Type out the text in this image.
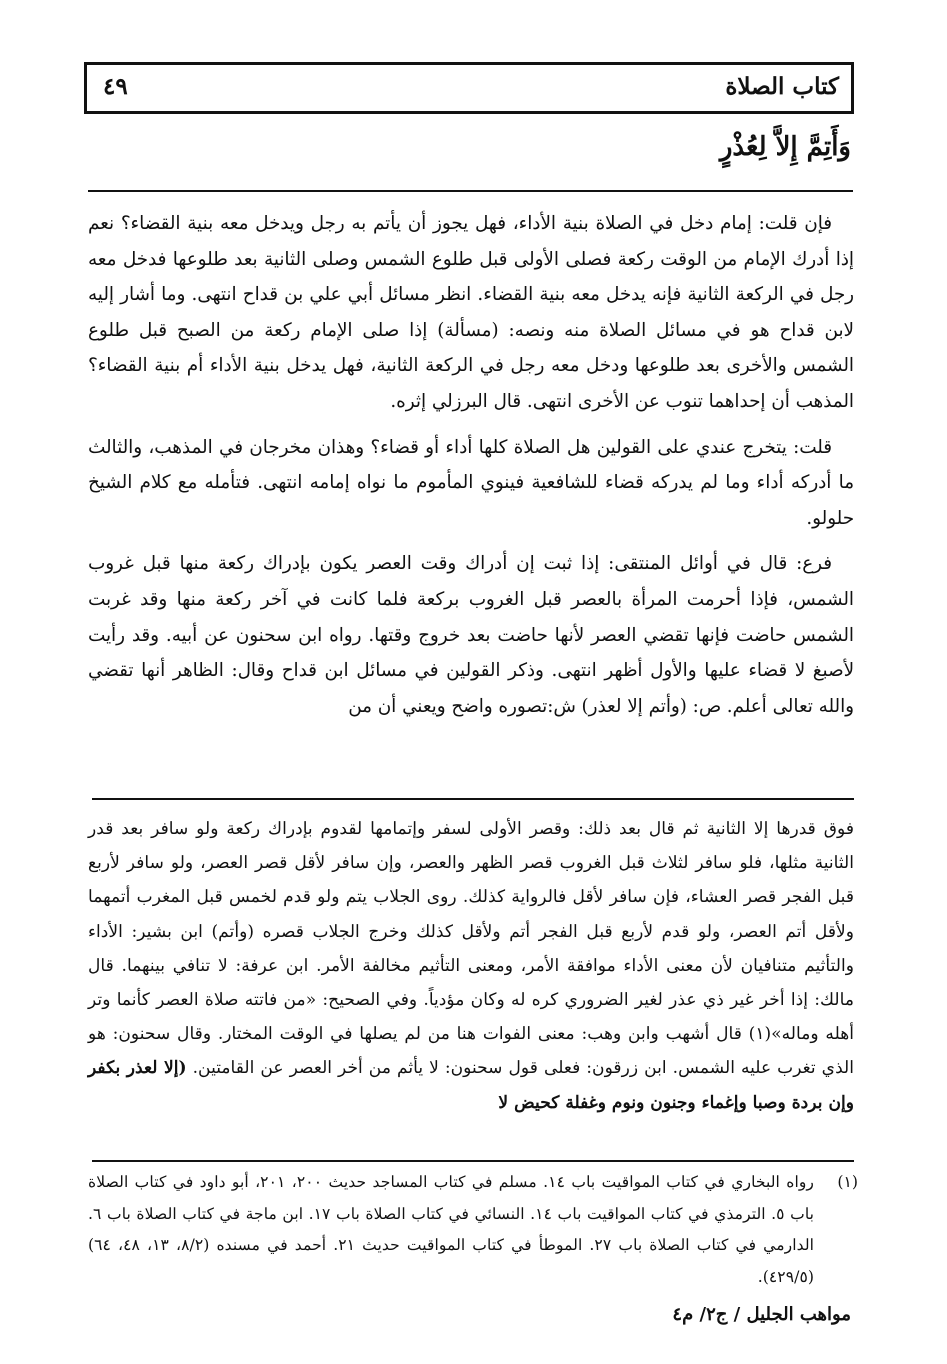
كتاب الصلاة
٤٩
وَأَتِمَّ إِلاَّ لِعُذْرٍ

فإن قلت: إمام دخل في الصلاة بنية الأداء، فهل يجوز أن يأتم به رجل ويدخل معه بنية القضاء؟ نعم إذا أدرك الإمام من الوقت ركعة فصلى الأولى قبل طلوع الشمس وصلى الثانية بعد طلوعها فدخل معه رجل في الركعة الثانية فإنه يدخل معه بنية القضاء. انظر مسائل أبي علي بن قداح انتهى. وما أشار إليه لابن قداح هو في مسائل الصلاة منه ونصه: (مسألة) إذا صلى الإمام ركعة من الصبح قبل طلوع الشمس والأخرى بعد طلوعها ودخل معه رجل في الركعة الثانية، فهل يدخل بنية الأداء أم بنية القضاء؟ المذهب أن إحداهما تنوب عن الأخرى انتهى. قال البرزلي إثره.

قلت: يتخرج عندي على القولين هل الصلاة كلها أداء أو قضاء؟ وهذان مخرجان في المذهب، والثالث ما أدركه أداء وما لم يدركه قضاء للشافعية فينوي المأموم ما نواه إمامه انتهى. فتأمله مع كلام الشيخ حلولو.

فرع: قال في أوائل المنتقى: إذا ثبت إن أدراك وقت العصر يكون بإدراك ركعة منها قبل غروب الشمس، فإذا أحرمت المرأة بالعصر قبل الغروب بركعة فلما كانت في آخر ركعة منها وقد غربت الشمس حاضت فإنها تقضي العصر لأنها حاضت بعد خروج وقتها. رواه ابن سحنون عن أبيه. وقد رأيت لأصبغ لا قضاء عليها والأول أظهر انتهى. وذكر القولين في مسائل ابن قداح وقال: الظاهر أنها تقضي والله تعالى أعلم. ص: (وأتم إلا لعذر) ش:تصوره واضح ويعني أن من

فوق قدرها إلا الثانية ثم قال بعد ذلك: وقصر الأولى لسفر وإتمامها لقدوم بإدراك ركعة ولو سافر بعد قدر الثانية مثلها، فلو سافر لثلاث قبل الغروب قصر الظهر والعصر، وإن سافر لأقل قصر العصر، ولو سافر لأربع قبل الفجر قصر العشاء، فإن سافر لأقل فالرواية كذلك. روى الجلاب يتم ولو قدم لخمس قبل المغرب أتمهما ولأقل أتم العصر، ولو قدم لأربع قبل الفجر أتم ولأقل كذلك وخرج الجلاب قصره (وأتم) ابن بشير: الأداء والتأثيم متنافيان لأن معنى الأداء موافقة الأمر، ومعنى التأثيم مخالفة الأمر. ابن عرفة: لا تنافي بينهما. قال مالك: إذا أخر غير ذي عذر لغير الضروري كره له وكان مؤدياً. وفي الصحيح: «من فاتته صلاة العصر كأنما وتر أهله وماله»(١) قال أشهب وابن وهب: معنى الفوات هنا من لم يصلها في الوقت المختار. وقال سحنون: هو الذي تغرب عليه الشمس. ابن زرقون: فعلى قول سحنون: لا يأثم من أخر العصر عن القامتين. (إلا لعذر بكفر وإن بردة وصبا وإغماء وجنون ونوم وغفلة كحيض لا

(١)
رواه البخاري في كتاب المواقيت باب ١٤. مسلم في كتاب المساجد حديث ٢٠٠، ٢٠١، أبو داود في كتاب الصلاة باب ٥. الترمذي في كتاب المواقيت باب ١٤. النسائي في كتاب الصلاة باب ١٧. ابن ماجة في كتاب الصلاة باب ٦. الدارمي في كتاب الصلاة باب ٢٧. الموطأ في كتاب المواقيت حديث ٢١. أحمد في مسنده (٨/٢، ١٣، ٤٨، ٦٤) (٤٢٩/٥).
مواهب الجليل / ج٢/ م٤
